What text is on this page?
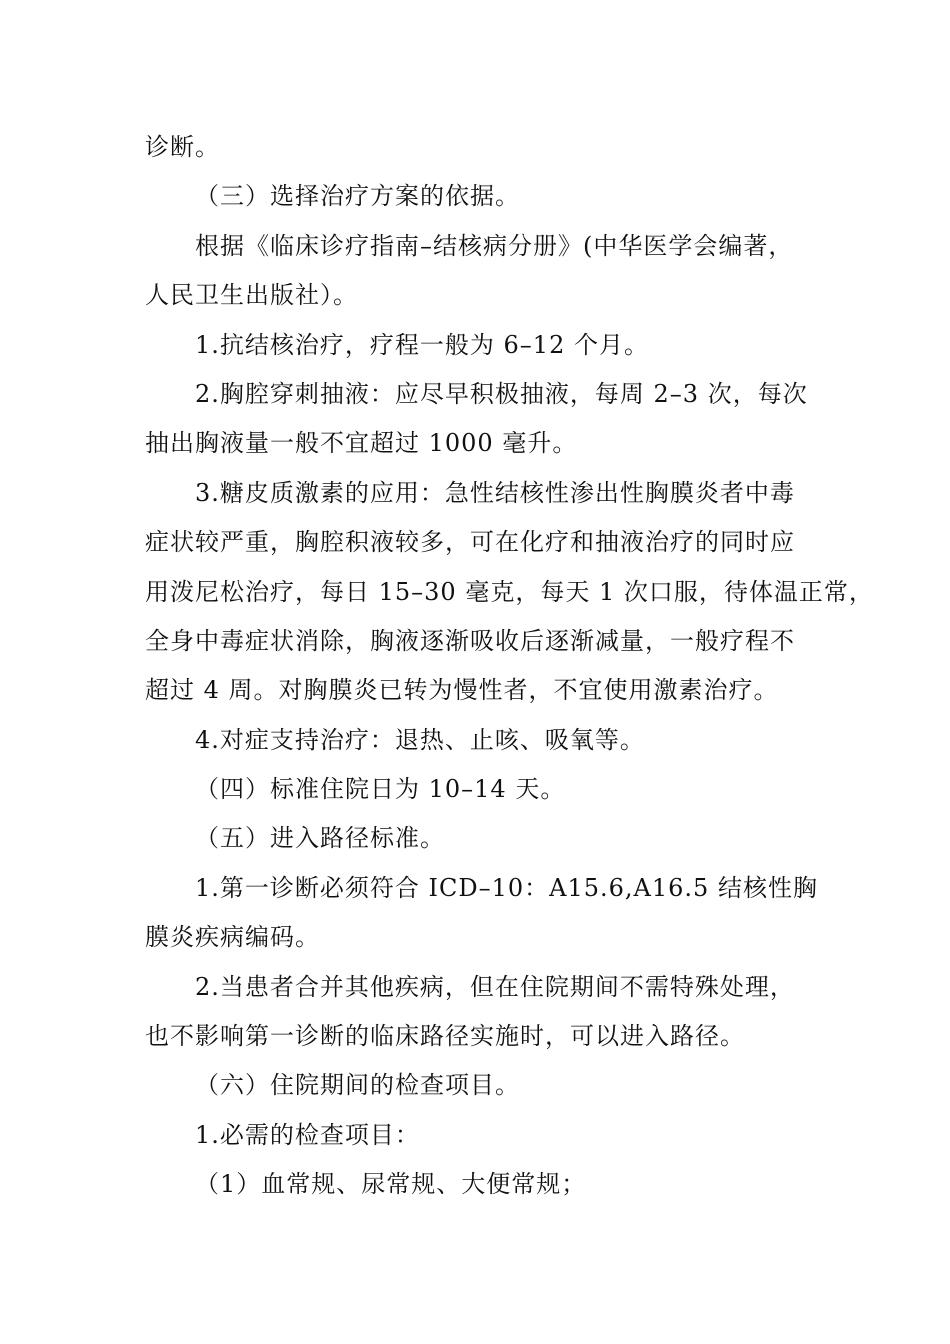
诊断。
（三）选择治疗方案的依据。
根据《临床诊疗指南–结核病分册》(中华医学会编著，
人民卫生出版社）。
1.抗结核治疗，疗程一般为 6–12 个月。
2.胸腔穿刺抽液：应尽早积极抽液，每周 2–3 次，每次
抽出胸液量一般不宜超过 1000 毫升。
3.糖皮质激素的应用：急性结核性渗出性胸膜炎者中毒
症状较严重，胸腔积液较多，可在化疗和抽液治疗的同时应
用泼尼松治疗，每日 15–30 毫克，每天 1 次口服，待体温正常，
全身中毒症状消除，胸液逐渐吸收后逐渐减量，一般疗程不
超过 4 周。对胸膜炎已转为慢性者，不宜使用激素治疗。
4.对症支持治疗：退热、止咳、吸氧等。
（四）标准住院日为 10–14 天。
（五）进入路径标准。
1.第一诊断必须符合 ICD–10：A15.6,A16.5 结核性胸
膜炎疾病编码。
2.当患者合并其他疾病，但在住院期间不需特殊处理，
也不影响第一诊断的临床路径实施时，可以进入路径。
（六）住院期间的检查项目。
1.必需的检查项目：
（1）血常规、尿常规、大便常规；
